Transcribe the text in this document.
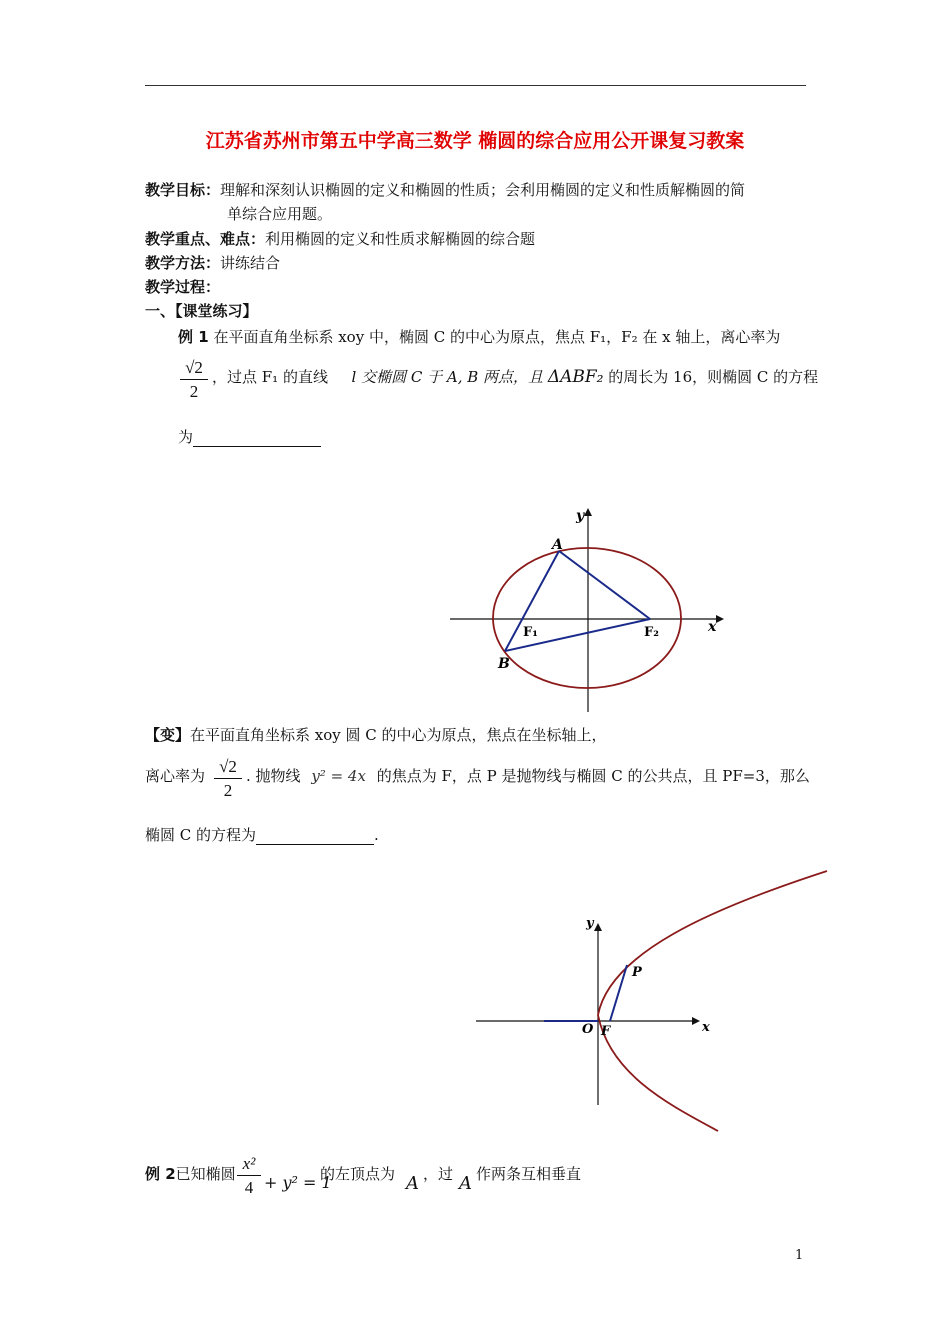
江苏省苏州市第五中学高三数学 椭圆的综合应用公开课复习教案
教学目标：理解和深刻认识椭圆的定义和椭圆的性质；会利用椭圆的定义和性质解椭圆的简
单综合应用题。
教学重点、难点：利用椭圆的定义和性质求解椭圆的综合题
教学方法：讲练结合
教学过程：
一、【课堂练习】
例 1 在平面直角坐标系 xoy 中，椭圆 C 的中心为原点，焦点 F₁，F₂ 在 x 轴上，离心率为
√2
2
，过点 F₁ 的直线 l 交椭圆 C 于 A, B 两点，且 ΔABF₂ 的周长为 16，则椭圆 C 的方程
为
y
x
A
B
F₁	F₂
【变】在平面直角坐标系 xoy 圆 C 的中心为原点，焦点在坐标轴上，
离心率为 √2
2
. 抛物线 y² = 4x 的焦点为 F，点 P 是抛物线与椭圆 C 的公共点，且 PF=3，那么
椭圆 C 的方程为	.
y
x
O F
P
例 2已知椭圆
x²
4 + y² = 1
的左顶点为 A ，过 A 作两条互相垂直
1
